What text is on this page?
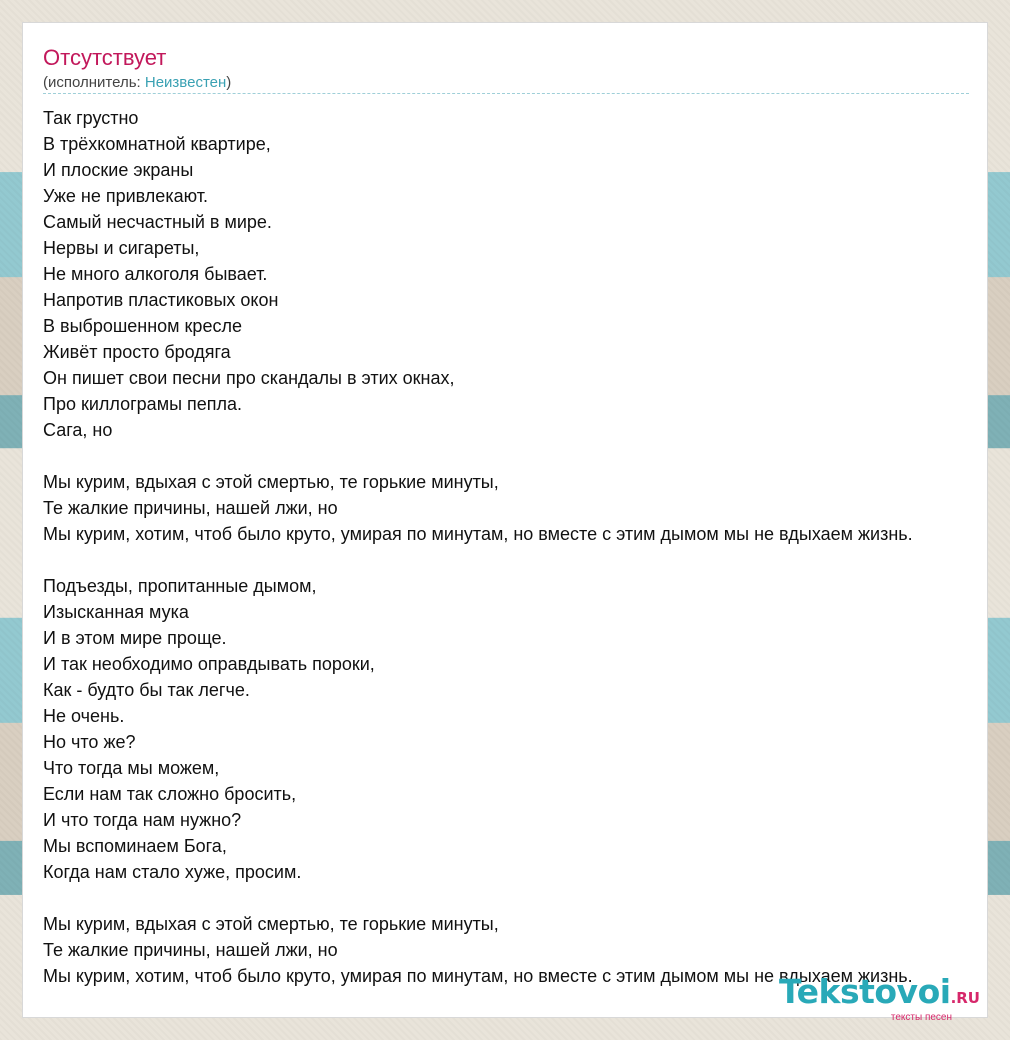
Отсутствует
(исполнитель: Неизвестен)
Так грустно
В трёхкомнатной квартире,
И плоские экраны
Уже не привлекают.
Самый несчастный в мире.
Нервы и сигареты,
Не много алкоголя бывает.
Напротив пластиковых окон
В выброшенном кресле
Живёт просто бродяга
Он пишет свои песни про скандалы в этих окнах,
Про киллограмы пепла.
Сага, но
Мы курим, вдыхая с этой смертью, те горькие минуты,
Те жалкие причины, нашей лжи, но
Мы курим, хотим, чтоб было круто, умирая по минутам, но вместе с этим дымом мы не вдыхаем жизнь.
Подъезды, пропитанные дымом,
Изысканная мука
И в этом мире проще.
И так необходимо оправдывать пороки,
Как - будто бы так легче.
Не очень.
Но что же?
Что тогда мы можем,
Если нам так сложно бросить,
И что тогда нам нужно?
Мы вспоминаем Бога,
Когда нам стало хуже, просим.
Мы курим, вдыхая с этой смертью, те горькие минуты,
Те жалкие причины, нашей лжи, но
Мы курим, хотим, чтоб было круто, умирая по минутам, но вместе с этим дымом мы не вдыхаем жизнь.
Tekstovoi.RU
тексты песен
